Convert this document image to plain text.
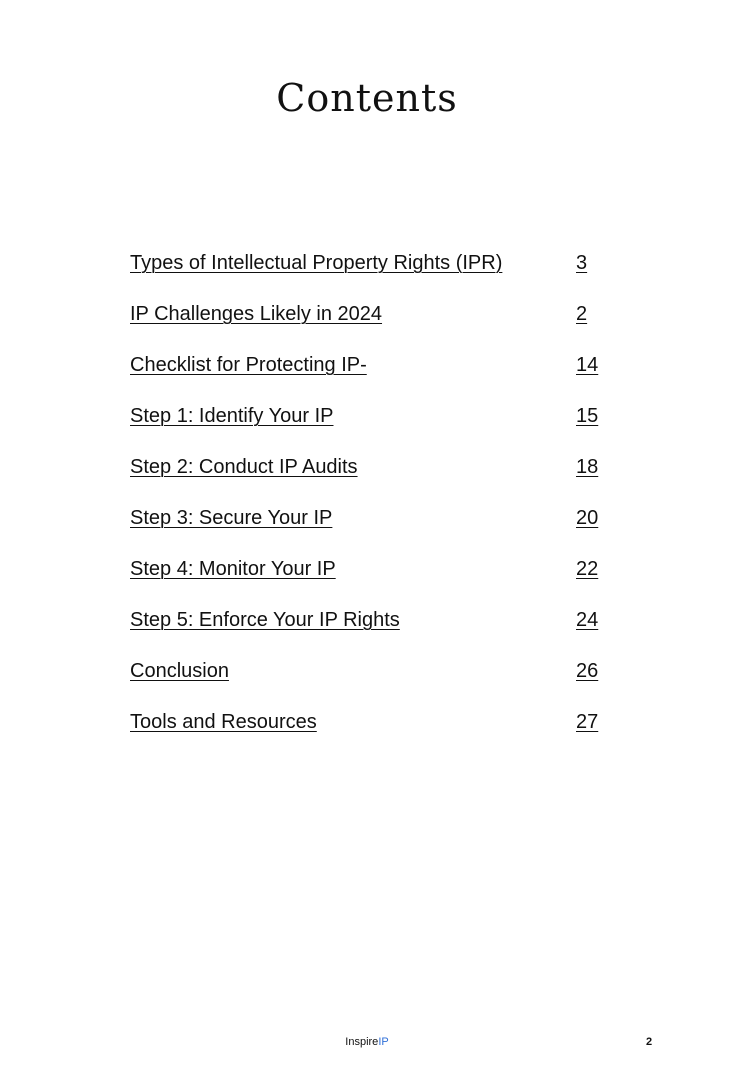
Contents
Types of Intellectual Property Rights (IPR)	3
IP Challenges Likely in 2024	2
Checklist for Protecting IP-	14
Step 1: Identify Your IP	15
Step 2: Conduct IP Audits	18
Step 3: Secure Your IP	20
Step 4: Monitor Your IP	22
Step 5: Enforce Your IP Rights	24
Conclusion	26
Tools and Resources	27
InspireIP	2
